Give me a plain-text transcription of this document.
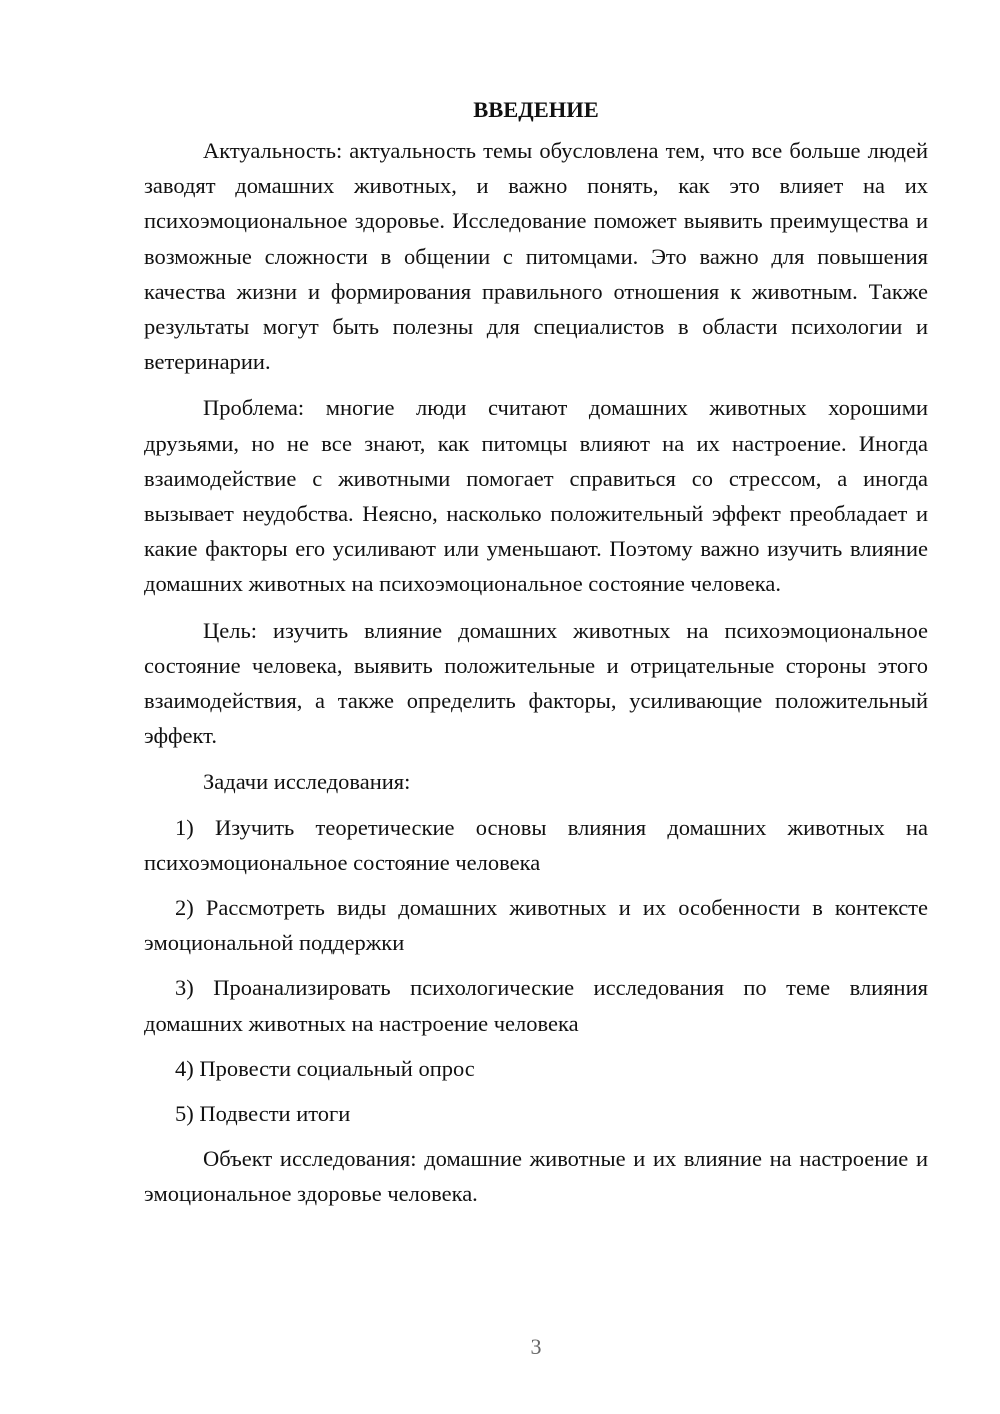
ВВЕДЕНИЕ

Актуальность: актуальность темы обусловлена тем, что все больше людей заводят домашних животных, и важно понять, как это влияет на их психоэмоциональное здоровье. Исследование поможет выявить преимущества и возможные сложности в общении с питомцами. Это важно для повышения качества жизни и формирования правильного отношения к животным. Также результаты могут быть полезны для специалистов в области психологии и ветеринарии.

Проблема: многие люди считают домашних животных хорошими друзьями, но не все знают, как питомцы влияют на их настроение. Иногда взаимодействие с животными помогает справиться со стрессом, а иногда вызывает неудобства. Неясно, насколько положительный эффект преобладает и какие факторы его усиливают или уменьшают. Поэтому важно изучить влияние домашних животных на психоэмоциональное состояние человека.

Цель: изучить влияние домашних животных на психоэмоциональное состояние человека, выявить положительные и отрицательные стороны этого взаимодействия, а также определить факторы, усиливающие положительный эффект.

Задачи исследования:

1) Изучить теоретические основы влияния домашних животных на психоэмоциональное состояние человека

2) Рассмотреть виды домашних животных и их особенности в контексте эмоциональной поддержки

3) Проанализировать психологические исследования по теме влияния домашних животных на настроение человека

4) Провести социальный опрос

5) Подвести итоги

Объект исследования: домашние животные и их влияние на настроение и эмоциональное здоровье человека.

3
